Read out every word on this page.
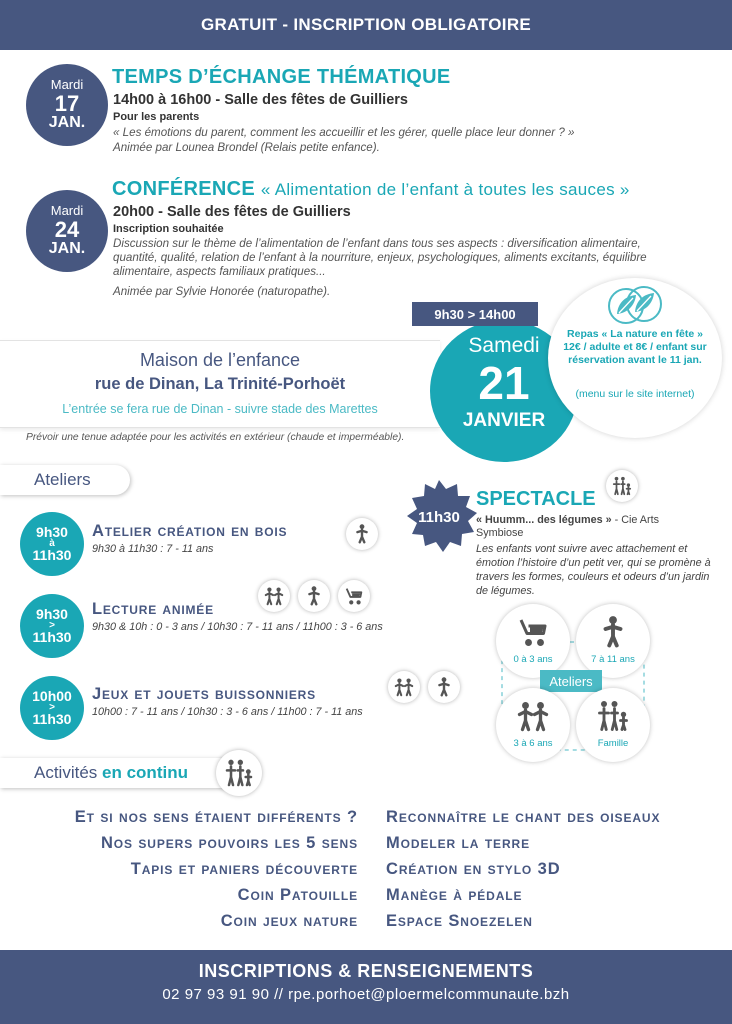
GRATUIT - INSCRIPTION OBLIGATOIRE
Mardi
17
JAN.
TEMPS D’ÉCHANGE THÉMATIQUE
14h00 à 16h00 - Salle des fêtes de Guilliers
Pour les parents
« Les émotions du parent, comment les accueillir et les gérer, quelle place leur donner ? »
Animée par Lounea Brondel (Relais petite enfance).
Mardi
24
JAN.
CONFÉRENCE « Alimentation de l’enfant à toutes les sauces »
20h00 - Salle des fêtes de Guilliers
Inscription souhaitée
Discussion sur le thème de l’alimentation de l’enfant dans tous ses aspects : diversification alimentaire, quantité, qualité, relation de l’enfant à la nourriture, enjeux, psychologiques, aliments excitants, équilibre alimentaire, aspects familiaux pratiques...
Animée par Sylvie Honorée (naturopathe).
Maison de l’enfance
rue de Dinan, La Trinité-Porhoët
L’entrée se fera rue de Dinan - suivre stade des Marettes
Samedi
21
JANVIER
9h30 > 14h00
Repas « La nature en fête » 12€ / adulte et 8€ / enfant sur réservation avant le 11 jan.
(menu sur le site internet)
Prévoir une tenue adaptée pour les activités en extérieur (chaude et imperméable).
Ateliers
9h30
à
11h30
Atelier création en bois
9h30 à 11h30 : 7 - 11 ans
9h30
>
11h30
Lecture animée
9h30 & 10h : 0 - 3 ans / 10h30 : 7 - 11 ans / 11h00 : 3 - 6 ans
10h00
>
11h30
Jeux et jouets buissonniers
10h00 : 7 - 11 ans / 10h30 : 3 - 6 ans / 11h00 : 7 - 11 ans
11h30
SPECTACLE
« Huumm... des légumes » - Cie Arts Symbiose
Les enfants vont suivre avec attachement et émotion l’histoire d’un petit ver, qui se promène à travers les formes, couleurs et odeurs d’un jardin de légumes.
0 à 3 ans	7 à 11 ans
Ateliers
3 à 6 ans	Famille
Activités en continu
Et si nos sens étaient différents ?
Nos supers pouvoirs les 5 sens
Tapis et paniers découverte
Coin Patouille
Coin jeux nature
Reconnaître le chant des oiseaux
Modeler la terre
Création en stylo 3D
Manège à pédale
Espace Snoezelen
INSCRIPTIONS & RENSEIGNEMENTS
02 97 93 91 90 // rpe.porhoet@ploermelcommunaute.bzh
